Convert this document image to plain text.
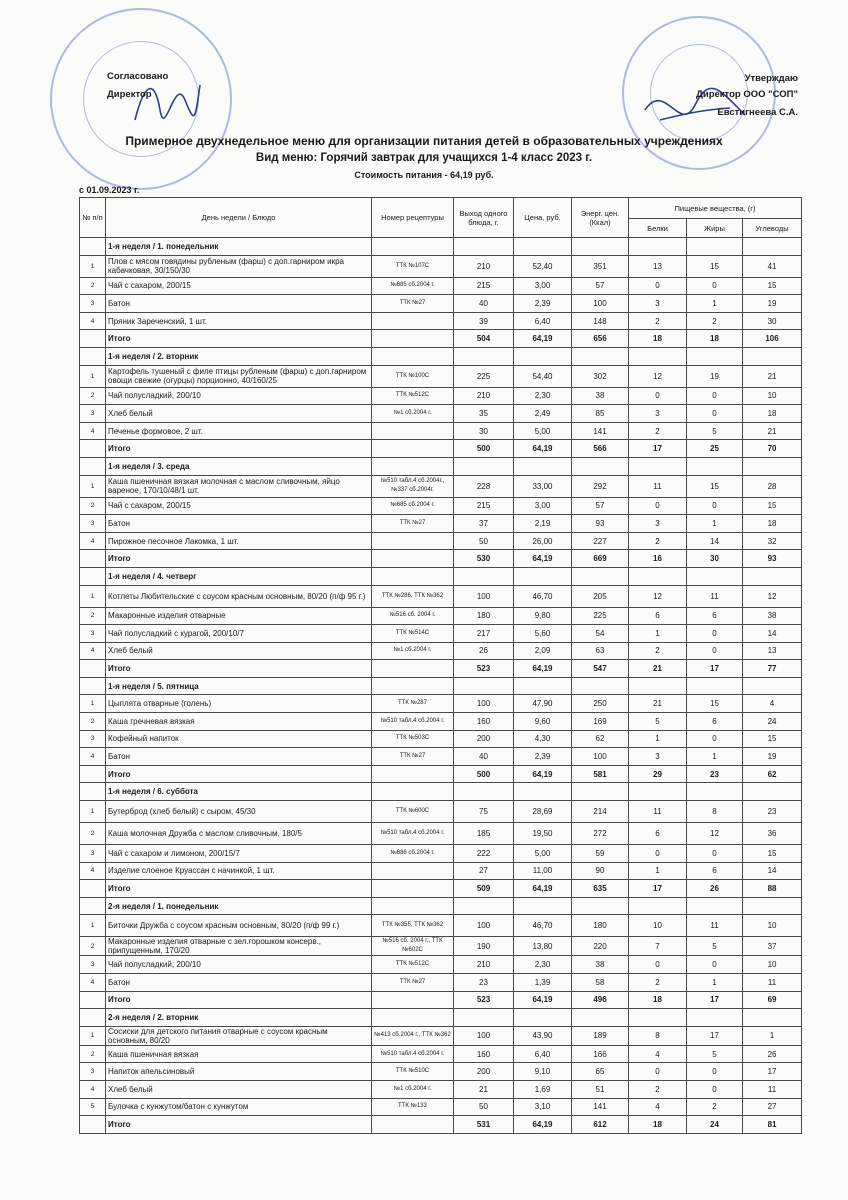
Согласовано
Директор
Утверждаю
Директор ООО "СОП"
Евстигнеева С.А.
Примерное двухнедельное меню для организации питания детей в образовательных учреждениях
Вид меню: Горячий завтрак для учащихся 1-4 класс 2023 г.
Стоимость питания - 64,19 руб.
с 01.09.2023 г.
№ п/п	День недели / Блюдо	Номер рецептуры	Выход одного блюда, г.	Цена, руб.	Энерг. цен. (Ккал)	Пищевые вещества, (г)		
						Белки	Жиры	Углеводы
	1-я неделя / 1. понедельник							
1	Плов с мясом говядины рубленым (фарш) с доп.гарниром икра кабачковая, 30/150/30	ТТК №107С	210	52,40	351	13	15	41
2	Чай с сахаром, 200/15	№685 сб.2004 г.	215	3,00	57	0	0	15
3	Батон	ТТК №27	40	2,39	100	3	1	19
4	Пряник Зареченский, 1 шт.		39	6,40	148	2	2	30
	Итого		504	64,19	656	18	18	106
	1-я неделя / 2. вторник							
1	Картофель тушеный с филе птицы рубленым (фарш) с доп.гарниром овощи свежие (огурцы) порционно, 40/160/25	ТТК №100С	225	54,40	302	12	19	21
2	Чай полусладкий, 200/10	ТТК №512С	210	2,30	38	0	0	10
3	Хлеб белый	№1 сб.2004 г.	35	2,49	85	3	0	18
4	Печенье формовое, 2 шт.		30	5,00	141	2	5	21
	Итого		500	64,19	566	17	25	70
	1-я неделя / 3. среда							
1	Каша пшеничная вязкая молочная с маслом сливочным, яйцо вареное, 170/10/48/1 шт.	№510 табл.4 сб.2004г., №337 сб.2004г.	228	33,00	292	11	15	28
2	Чай с сахаром, 200/15	№685 сб.2004 г.	215	3,00	57	0	0	15
3	Батон	ТТК №27	37	2,19	93	3	1	18
4	Пирожное песочное Лакомка, 1 шт.		50	26,00	227	2	14	32
	Итого		530	64,19	669	16	30	93
	1-я неделя / 4. четверг							
1	Котлеты Любительские с соусом красным основным, 80/20 (п/ф 95 г.)	ТТК №286, ТТК №362	100	46,70	205	12	11	12
2	Макаронные изделия отварные	№516 сб. 2004 г.	180	9,80	225	6	6	38
3	Чай полусладкий с курагой, 200/10/7	ТТК №514С	217	5,60	54	1	0	14
4	Хлеб белый	№1 сб.2004 г.	26	2,09	63	2	0	13
	Итого		523	64,19	547	21	17	77
	1-я неделя / 5. пятница							
1	Цыплята отварные (голень)	ТТК №287	100	47,90	250	21	15	4
2	Каша гречневая вязкая	№510 табл.4 сб.2004 г.	160	9,60	169	5	6	24
3	Кофейный напиток	ТТК №503С	200	4,30	62	1	0	15
4	Батон	ТТК №27	40	2,39	100	3	1	19
	Итого		500	64,19	581	29	23	62
	1-я неделя / 6. суббота							
1	Бутерброд (хлеб белый) с сыром, 45/30	ТТК №600С	75	28,69	214	11	8	23
2	Каша молочная Дружба с маслом сливочным, 180/5	№510 табл.4 сб.2004 г.	185	19,50	272	6	12	36
3	Чай с сахаром и лимоном, 200/15/7	№686 сб.2004 г.	222	5,00	59	0	0	15
4	Изделие слоеное Круассан с начинкой, 1 шт.		27	11,00	90	1	6	14
	Итого		509	64,19	635	17	26	88
	2-я неделя / 1. понедельник							
1	Биточки Дружба с соусом красным основным, 80/20 (п/ф 99 г.)	ТТК №355, ТТК №362	100	46,70	180	10	11	10
2	Макаронные изделия отварные с зел.горошком консерв., припущенным, 170/20	№516 сб. 2004 г., ТТК №602С	190	13,80	220	7	5	37
3	Чай полусладкий, 200/10	ТТК №512С	210	2,30	38	0	0	10
4	Батон	ТТК №27	23	1,39	58	2	1	11
	Итого		523	64,19	496	18	17	69
	2-я неделя / 2. вторник							
1	Сосиски для детского питания отварные с соусом красным основным, 80/20	№413 сб.2004 г., ТТК №362	100	43,90	189	8	17	1
2	Каша пшеничная вязкая	№510 табл.4 сб.2004 г.	160	6,40	166	4	5	26
3	Напиток апельсиновый	ТТК №510С	200	9,10	65	0	0	17
4	Хлеб белый	№1 сб.2004 г.	21	1,69	51	2	0	11
5	Булочка с кунжутом/батон с кунжутом	ТТК №133	50	3,10	141	4	2	27
	Итого		531	64,19	612	18	24	81
